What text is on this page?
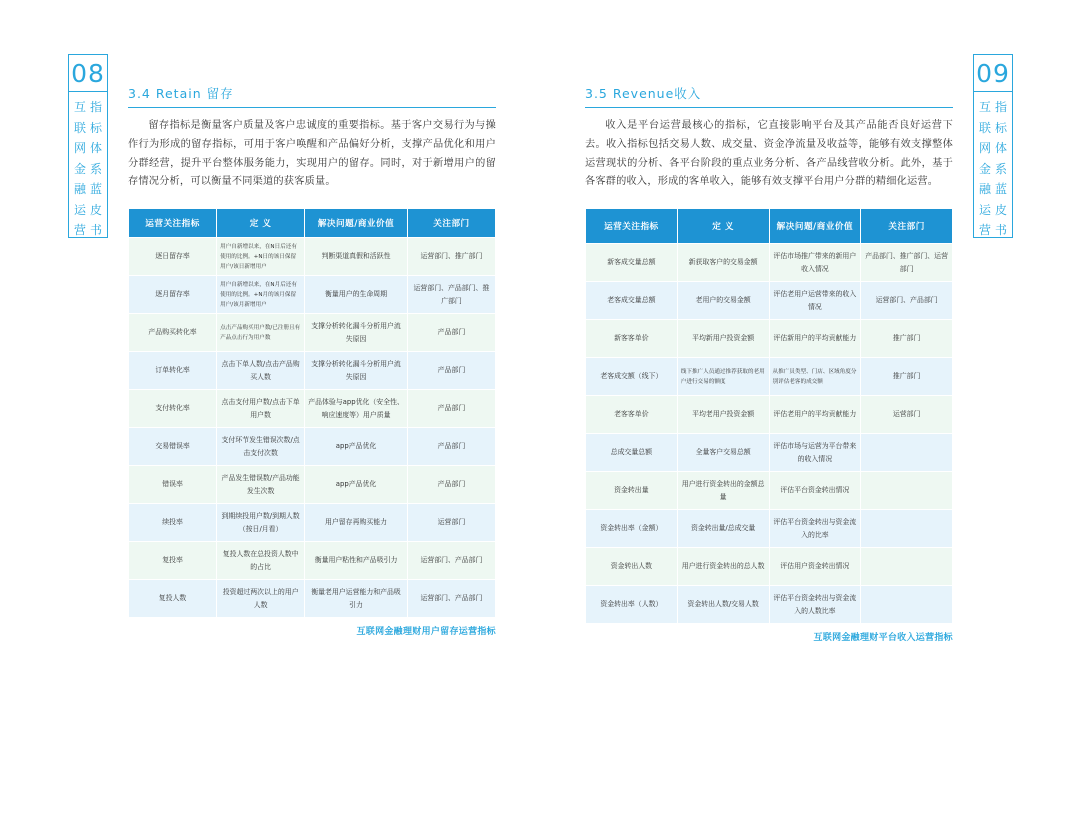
08
互联网金融运营
指标体系蓝皮书
09
互联网金融运营
指标体系蓝皮书
3.4 Retain 留存

留存指标是衡量客户质量及客户忠诚度的重要指标。基于客户交易行为与操作行为形成的留存指标，可用于客户唤醒和产品偏好分析，支撑产品优化和用户分群经营，提升平台整体服务能力，实现用户的留存。同时，对于新增用户的留存情况分析，可以衡量不同渠道的获客质量。

运营关注指标	定 义	解决问题/商业价值	关注部门
逐日留存率	用户自新增以来，在N日后还有使用的比例。+N日的该日保留用户/该日新增用户	判断渠道真假和活跃性	运营部门、推广部门
逐月留存率	用户自新增以来，在N月后还有使用的比例。+N月的该月保留用户/该月新增用户	衡量用户的生命周期	运营部门、产品部门、推广部门
产品购买转化率	点击产品购买用户数/已注册且有产品点击行为用户数	支撑分析转化漏斗分析用户流失原因	产品部门
订单转化率	点击下单人数/点击产品购买人数	支撑分析转化漏斗分析用户流失原因	产品部门
支付转化率	点击支付用户数/点击下单用户数	产品体验与app优化（安全性、响应速度等）用户质量	产品部门
交易错误率	支付环节发生错误次数/点击支付次数	app产品优化	产品部门
错误率	产品发生错误数/产品功能发生次数	app产品优化	产品部门
续投率	到期续投用户数/到期人数（按日/月看）	用户留存再购买能力	运营部门
复投率	复投人数在总投资人数中的占比	衡量用户粘性和产品吸引力	运营部门、产品部门
复投人数	投资超过两次以上的用户人数	衡量老用户运营能力和产品吸引力	运营部门、产品部门
互联网金融理财用户留存运营指标
3.5 Revenue收入

收入是平台运营最核心的指标，它直接影响平台及其产品能否良好运营下去。收入指标包括交易人数、成交量、资金净流量及收益等，能够有效支撑整体运营现状的分析、各平台阶段的重点业务分析、各产品线营收分析。此外，基于各客群的收入，形成的客单收入，能够有效支撑平台用户分群的精细化运营。

运营关注指标	定 义	解决问题/商业价值	关注部门
新客成交量总额	新获取客户的交易金额	评估市场推广带来的新用户收入情况	产品部门、推广部门、运营部门
老客成交量总额	老用户的交易金额	评估老用户运营带来的收入情况	运营部门、产品部门
新客客单价	平均新用户投资金额	评估新用户的平均贡献能力	推广部门
老客成交额（线下）	线下推广人员通过推荐获取的老用户进行交易的额度	从推广员类型、门店、区域角度分别评估老客的成交额	推广部门
老客客单价	平均老用户投资金额	评估老用户的平均贡献能力	运营部门
总成交量总额	全量客户交易总额	评估市场与运营为平台带来的收入情况	
资金转出量	用户进行资金转出的金额总量	评估平台资金转出情况	
资金转出率（金额）	资金转出量/总成交量	评估平台资金转出与资金流入的比率	
资金转出人数	用户进行资金转出的总人数	评估用户资金转出情况	
资金转出率（人数）	资金转出人数/交易人数	评估平台资金转出与资金流入的人数比率	
互联网金融理财平台收入运营指标
